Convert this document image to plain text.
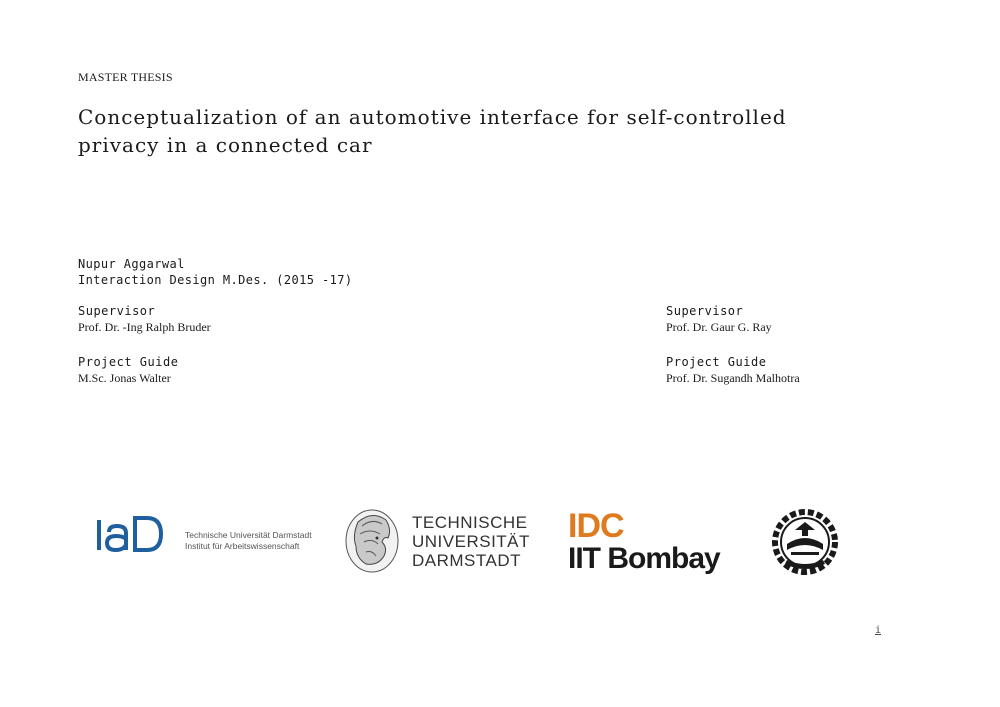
MASTER THESIS
Conceptualization of an automotive interface for self-controlled
privacy in a connected car
Nupur Aggarwal
Interaction Design M.Des. (2015 -17)
Supervisor
Prof. Dr. -Ing Ralph Bruder
Project Guide
M.Sc. Jonas Walter
Supervisor
Prof. Dr. Gaur G. Ray
Project Guide
Prof. Dr. Sugandh Malhotra
Technische Universität Darmstadt
Institut für Arbeitswissenschaft
TECHNISCHE
UNIVERSITÄT
DARMSTADT
IDC
IIT Bombay
i
